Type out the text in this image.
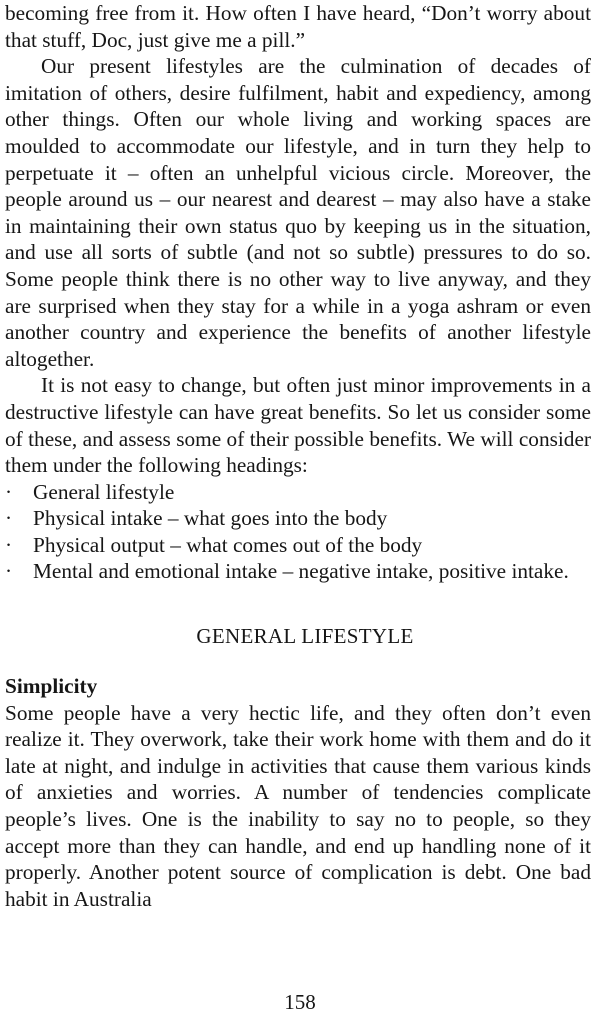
becoming free from it. How often I have heard, “Don’t worry about that stuff, Doc, just give me a pill.”

Our present lifestyles are the culmination of decades of imitation of others, desire fulfilment, habit and expediency, among other things. Often our whole living and working spaces are moulded to accommodate our lifestyle, and in turn they help to perpetuate it – often an unhelpful vicious circle. Moreover, the people around us – our nearest and dearest – may also have a stake in maintaining their own status quo by keeping us in the situation, and use all sorts of subtle (and not so subtle) pressures to do so. Some people think there is no other way to live anyway, and they are surprised when they stay for a while in a yoga ashram or even another country and experience the benefits of another lifestyle altogether.

It is not easy to change, but often just minor improvements in a destructive lifestyle can have great benefits. So let us consider some of these, and assess some of their possible benefits. We will consider them under the following headings:

· General lifestyle
· Physical intake – what goes into the body
· Physical output – what comes out of the body
· Mental and emotional intake – negative intake, positive intake.
GENERAL LIFESTYLE
Simplicity

Some people have a very hectic life, and they often don’t even realize it. They overwork, take their work home with them and do it late at night, and indulge in activities that cause them various kinds of anxieties and worries. A number of tendencies complicate people’s lives. One is the inability to say no to people, so they accept more than they can handle, and end up handling none of it properly. Another potent source of complication is debt. One bad habit in Australia

158
